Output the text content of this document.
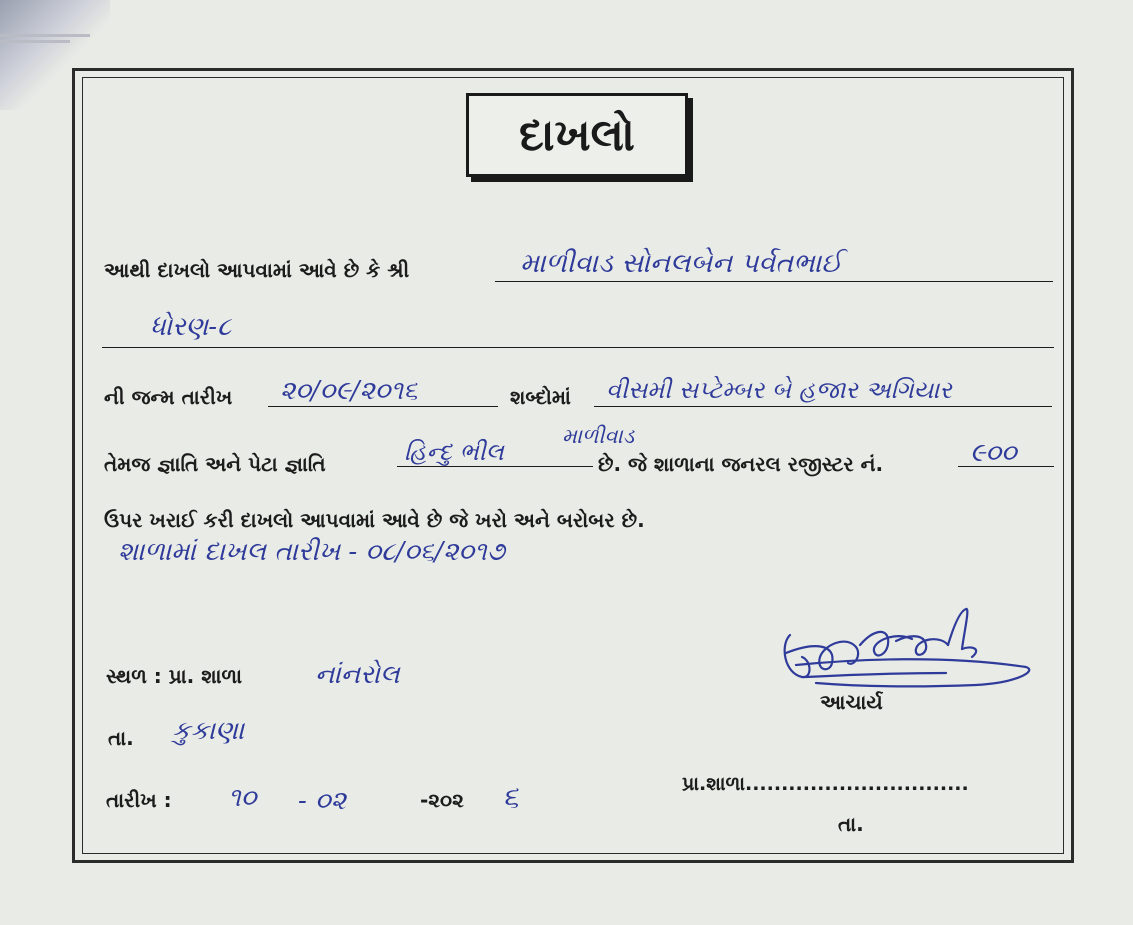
દાખલો
આથી દાખલો આપવામાં આવે છે કે શ્રી	માળીવાડ સોનલબેન પર્વતભાઈ
ધોરણ-૮
ની જન્મ તારીખ ૨૦/૦૯/૨૦૧૬	શબ્દોમાં વીસમી સપ્ટેમ્બર બે હજાર અગિયાર
તેમજ જ્ઞાતિ અને પેટા જ્ઞાતિ	હિન્દુ ભીલ
માળીવાડ
છે. જે શાળાના જનરલ રજીસ્ટર નં.	૯૦૦
ઉપર ખરાઈ કરી દાખલો આપવામાં આવે છે જે ખરો અને બરોબર છે.
શાળામાં દાખલ તારીખ - ૦૮/૦૬/૨૦૧૭
સ્થળ : પ્રા. શાળા	નાંનરોલ
તા. કુકાણા
તારીખ : ૧૦ - ૦૨	-૨૦૨ ૬
આચાર્ય
પ્રા.શાળા...............................
તા.
